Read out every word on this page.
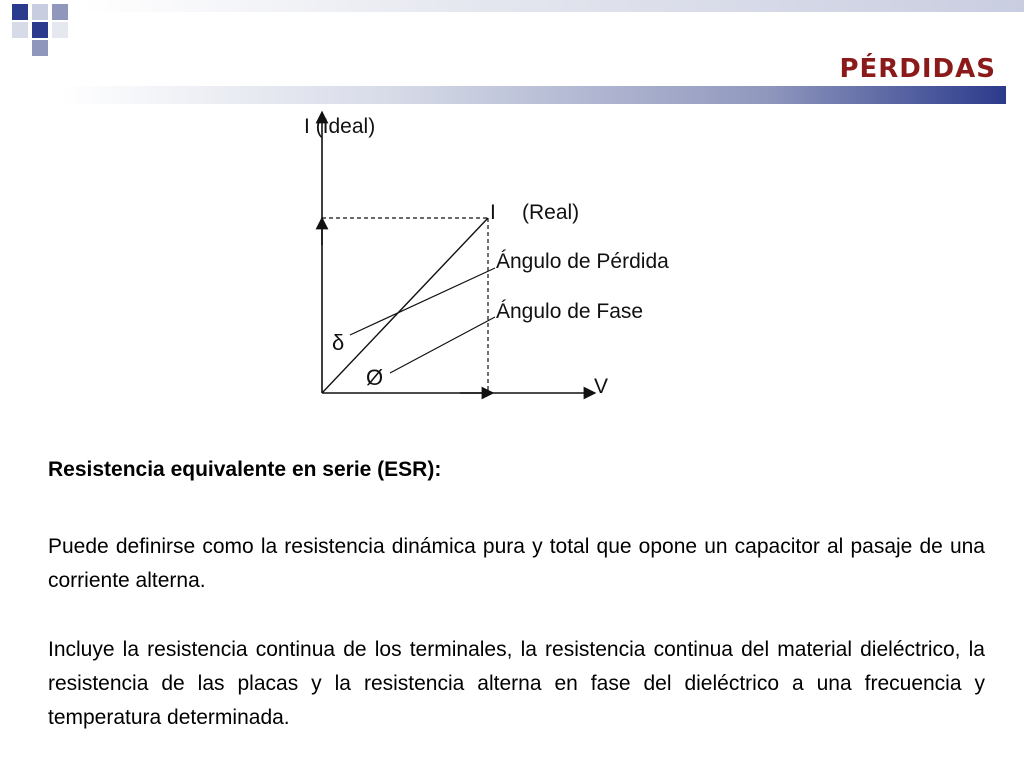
PÉRDIDAS
I (Ideal)
I (Real)
Ángulo de Pérdida
Ángulo de Fase
δ
Ø	V
Resistencia equivalente en serie (ESR):
Puede definirse como la resistencia dinámica pura y total que opone un capacitor al pasaje de una corriente alterna.
Incluye la resistencia continua de los terminales, la resistencia continua del material dieléctrico, la resistencia de las placas y la resistencia alterna en fase del dieléctrico a una frecuencia y temperatura determinada.
